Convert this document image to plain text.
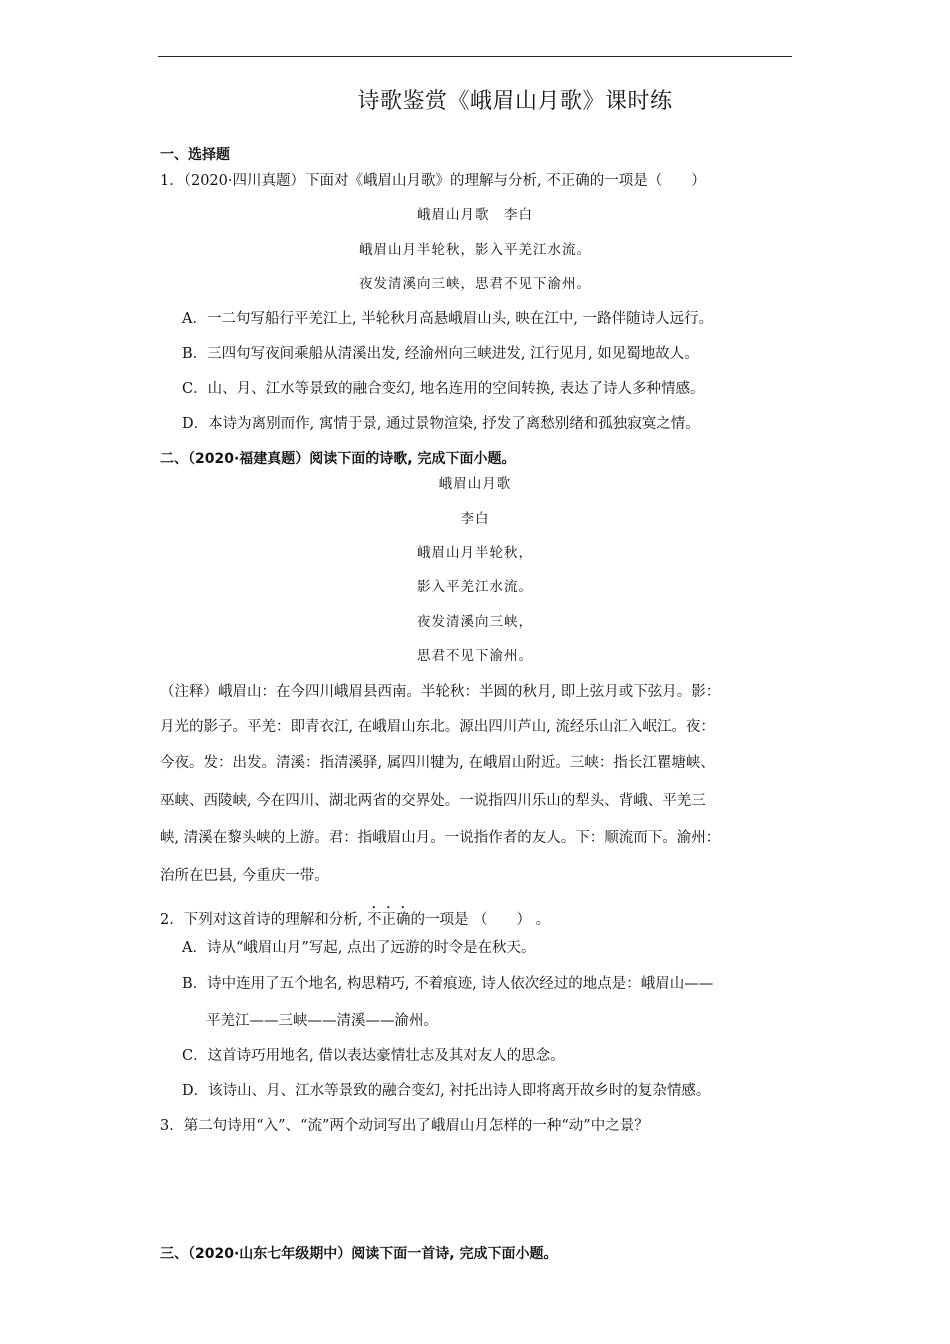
诗歌鉴赏《峨眉山月歌》课时练
一、选择题
1．（2020·四川真题）下面对《峨眉山月歌》的理解与分析, 不正确的一项是（　　）
峨眉山月歌　李白
峨眉山月半轮秋，影入平羌江水流。
夜发清溪向三峡，思君不见下渝州。
A．一二句写船行平羌江上, 半轮秋月高悬峨眉山头, 映在江中, 一路伴随诗人远行。
B．三四句写夜间乘船从清溪出发, 经渝州向三峡进发, 江行见月, 如见蜀地故人。
C．山、月、江水等景致的融合变幻, 地名连用的空间转换, 表达了诗人多种情感。
D．本诗为离别而作, 寓情于景, 通过景物渲染, 抒发了离愁别绪和孤独寂寞之情。
二、（2020·福建真题）阅读下面的诗歌, 完成下面小题。
峨眉山月歌
李白
峨眉山月半轮秋，
影入平羌江水流。
夜发清溪向三峡，
思君不见下渝州。
（注释）峨眉山：在今四川峨眉县西南。半轮秋：半圆的秋月, 即上弦月或下弦月。影：
月光的影子。平羌：即青衣江, 在峨眉山东北。源出四川芦山, 流经乐山汇入岷江。夜：
今夜。发：出发。清溪：指清溪驿, 属四川犍为, 在峨眉山附近。三峡：指长江瞿塘峡、
巫峡、西陵峡, 今在四川、湖北两省的交界处。一说指四川乐山的犁头、背峨、平羌三
峡, 清溪在黎头峡的上游。君：指峨眉山月。一说指作者的友人。下：顺流而下。渝州：
治所在巴县, 今重庆一带。
2．下列对这首诗的理解和分析, 不正确的一项是 （　　） 。
A．诗从“峨眉山月”写起, 点出了远游的时令是在秋天。
B．诗中连用了五个地名, 构思精巧, 不着痕迹, 诗人依次经过的地点是：峨眉山——
平羌江——三峡——清溪——渝州。
C．这首诗巧用地名, 借以表达豪情壮志及其对友人的思念。
D．该诗山、月、江水等景致的融合变幻, 衬托出诗人即将离开故乡时的复杂情感。
3．第二句诗用“入”、“流”两个动词写出了峨眉山月怎样的一种“动”中之景？
三、（2020·山东七年级期中）阅读下面一首诗, 完成下面小题。
